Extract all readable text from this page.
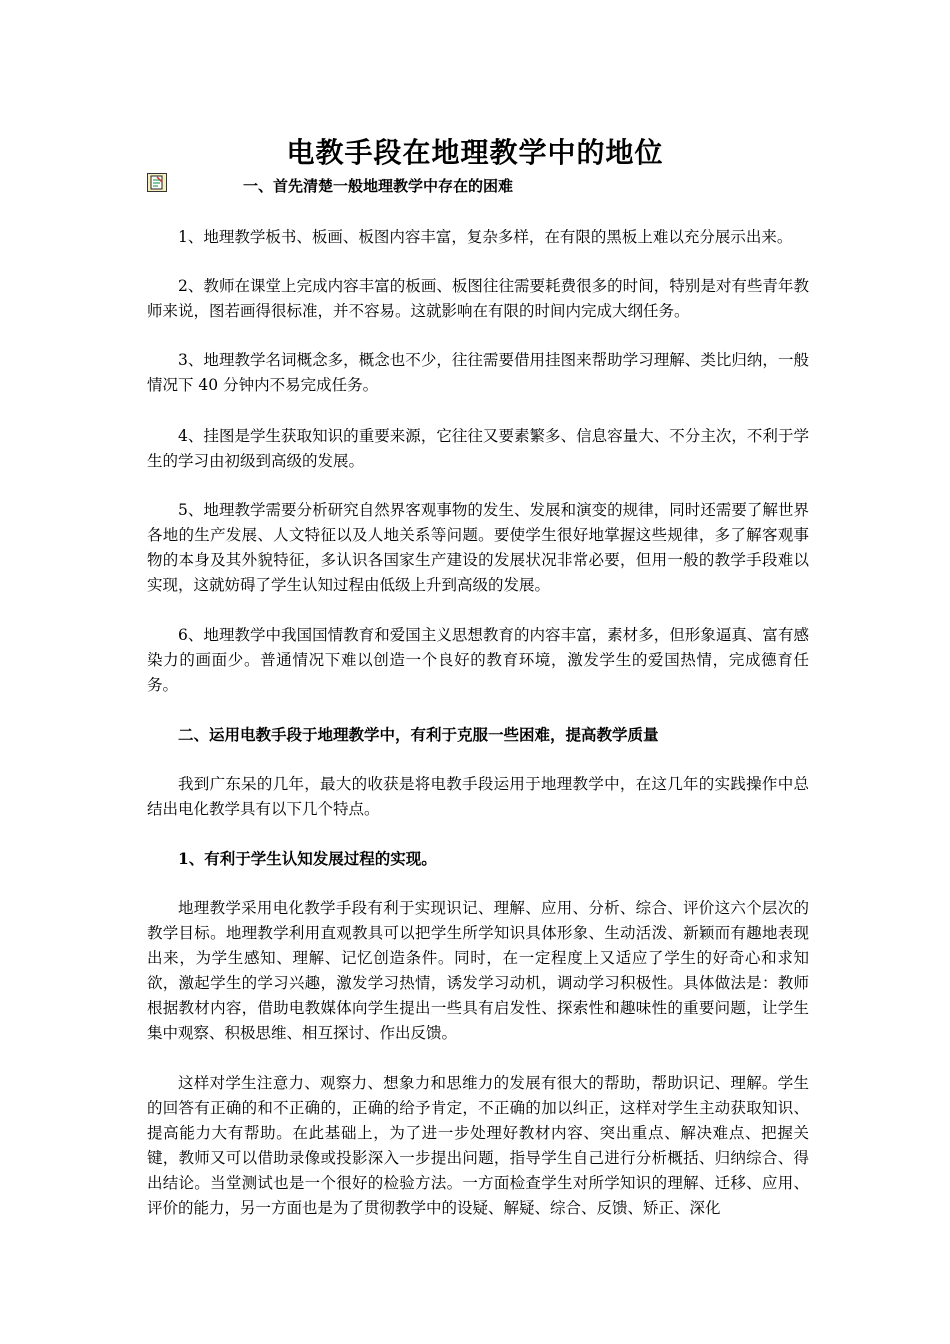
电教手段在地理教学中的地位
一、首先清楚一般地理教学中存在的困难
1、地理教学板书、板画、板图内容丰富，复杂多样，在有限的黑板上难以充分展示出来。
2、教师在课堂上完成内容丰富的板画、板图往往需要耗费很多的时间，特别是对有些青年教师来说，图若画得很标准，并不容易。这就影响在有限的时间内完成大纲任务。
3、地理教学名词概念多，概念也不少，往往需要借用挂图来帮助学习理解、类比归纳，一般情况下 40 分钟内不易完成任务。
4、挂图是学生获取知识的重要来源，它往往又要素繁多、信息容量大、不分主次，不利于学生的学习由初级到高级的发展。
5、地理教学需要分析研究自然界客观事物的发生、发展和演变的规律，同时还需要了解世界各地的生产发展、人文特征以及人地关系等问题。要使学生很好地掌握这些规律，多了解客观事物的本身及其外貌特征，多认识各国家生产建设的发展状况非常必要，但用一般的教学手段难以实现，这就妨碍了学生认知过程由低级上升到高级的发展。
6、地理教学中我国国情教育和爱国主义思想教育的内容丰富，素材多，但形象逼真、富有感染力的画面少。普通情况下难以创造一个良好的教育环境，激发学生的爱国热情，完成德育任务。
二、运用电教手段于地理教学中，有利于克服一些困难，提高教学质量
我到广东呆的几年，最大的收获是将电教手段运用于地理教学中，在这几年的实践操作中总结出电化教学具有以下几个特点。
1、有利于学生认知发展过程的实现。
地理教学采用电化教学手段有利于实现识记、理解、应用、分析、综合、评价这六个层次的教学目标。地理教学利用直观教具可以把学生所学知识具体形象、生动活泼、新颖而有趣地表现出来，为学生感知、理解、记忆创造条件。同时，在一定程度上又适应了学生的好奇心和求知欲，激起学生的学习兴趣，激发学习热情，诱发学习动机，调动学习积极性。具体做法是：教师根据教材内容，借助电教媒体向学生提出一些具有启发性、探索性和趣味性的重要问题，让学生集中观察、积极思维、相互探讨、作出反馈。
这样对学生注意力、观察力、想象力和思维力的发展有很大的帮助，帮助识记、理解。学生的回答有正确的和不正确的，正确的给予肯定，不正确的加以纠正，这样对学生主动获取知识、提高能力大有帮助。在此基础上，为了进一步处理好教材内容、突出重点、解决难点、把握关键，教师又可以借助录像或投影深入一步提出问题，指导学生自己进行分析概括、归纳综合、得出结论。当堂测试也是一个很好的检验方法。一方面检查学生对所学知识的理解、迁移、应用、评价的能力，另一方面也是为了贯彻教学中的设疑、解疑、综合、反馈、矫正、深化
